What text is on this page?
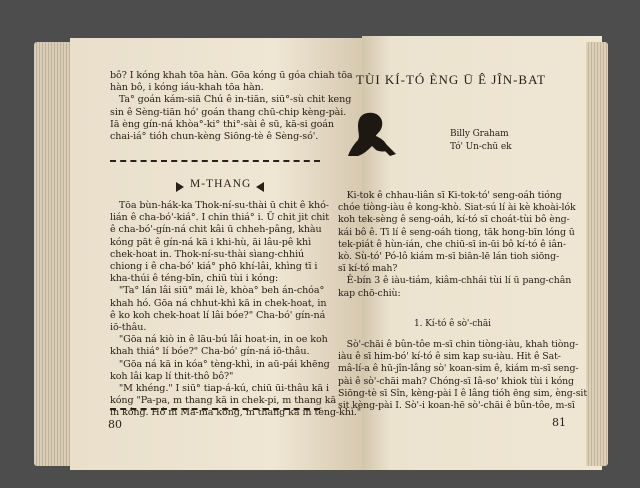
bô? I kóng khah tōa hàn. Gōa kóng ū góa chiah tōa
hàn bô, i kóng iáu-khah tōa hàn.
Ta° goán kám-siā Chú ê in-tiān, siū°-sù chit keng
sin ê Sèng-tiān hó' goán thang chū-chip kèng-pài.
Iā èng gín-ná khòa°-ki° thi°-sài ê sū, kā-si goán
chai-iá° tióh chun-kèng Siōng-tè ê Sèng-só'.
M-THANG
Tōa bùn-hák-ka Thok-ní-su-thài ū chit ê khó-
lián ê cha-bó'-kiá°. I chin thiá° i. Ū chit jit chit
ê cha-bó'-gín-ná chit kâi ū chheh-pâng, khàu
kóng pāt ê gín-ná kā i khi-hù, āi lâu-pê khì
chek-hoat in. Thok-ní-su-thài sìang-chhiú
chiong i ê cha-bó' kiá° phō khí-lâi, khìng tī i
kha-thúi ê téng-bīn, chiū tùi i kóng:
"Ta° lán lâi siū° mái lè, khòa° beh án-chóa°
khah hó. Gōa ná chhut-khì kā in chek-hoat, in
ê ko koh chek-hoat lí lâi bóe?" Cha-bó' gín-ná
iō-thâu.
"Gōa ná kiò in ê lāu-bú lâi hoat-in, in oe koh
khah thiá° lí bóe?" Cha-bó' gín-ná iō-thâu.
"Gōa ná kā in kóa° tèng-khì, in aū-pái khēng
koh lâi kap lí thit-thô bô?"
"M khéng." I siū° tiap-á-kú, chiū ūi-thâu kā i
kóng "Pa-pa, m thang kā in chek-pi, m thang kā
in kóng. Hó m Ma-ma kóng, m thang kā in tèng-khì."
80
TÙI KÍ-TÓ ÈNG Ū Ê JÎN-BAT
Billy Graham
Tó' Un-chū ek
Ki-tok ê chhau-liân sī Ki-tok-tó' seng-oáh tióng
chóe tiòng-iàu ê kong-khò. Siat-sú lí ài kè khoài-lók
koh tek-sèng ê seng-oáh, kí-tó sī choát-tùi bô èng-
kái bô ê. Tī lí ê seng-oáh tiong, tāk hong-bīn lóng ū
tek-piát ê hùn-ián, che chiū-sī in-ūi bô kí-tó ê iân-
kò. Sù-tó' Pó-lô kiám m-sī biān-lē lán tioh siōng-
sī kí-tó mah?
Ê-bín 3 ê iàu-tiám, kiâm-chhái tùi lí ū pang-chân
kap chō-chiù:
1. Kí-tó ê sò'-chāi
Sò'-chāi ê bûn-tôe m-sī chin tiòng-iàu, khah tiòng-
iàu ê sī him-bó' kí-tó ê sim kap su-iàu. Hit ê Sat-
mâ-lí-a ê hū-jîn-lâng sò' koan-sim ê, kiám m-sī seng-
pài ê sò'-chāi mah? Chóng-sī Iâ-so' khiok tùi i kóng
Siōng-tè sī Sîn, kèng-pài I ê lâng tióh ēng sim, èng-sit
sit kèng-pài I. Sò'-i koan-hē sò'-chāi ê bûn-tôe, m-sī
81
